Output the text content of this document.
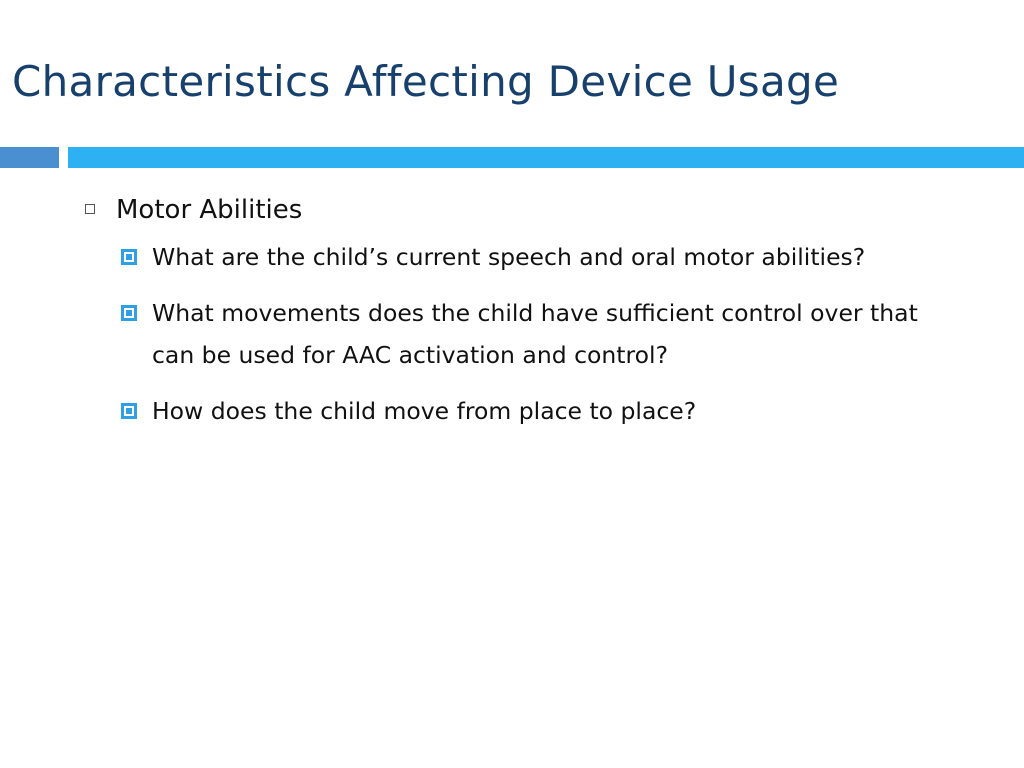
Characteristics Affecting Device Usage
Motor Abilities
What are the child’s current speech and oral motor abilities?
What movements does the child have sufficient control over that can be used for AAC activation and control?
How does the child move from place to place?
